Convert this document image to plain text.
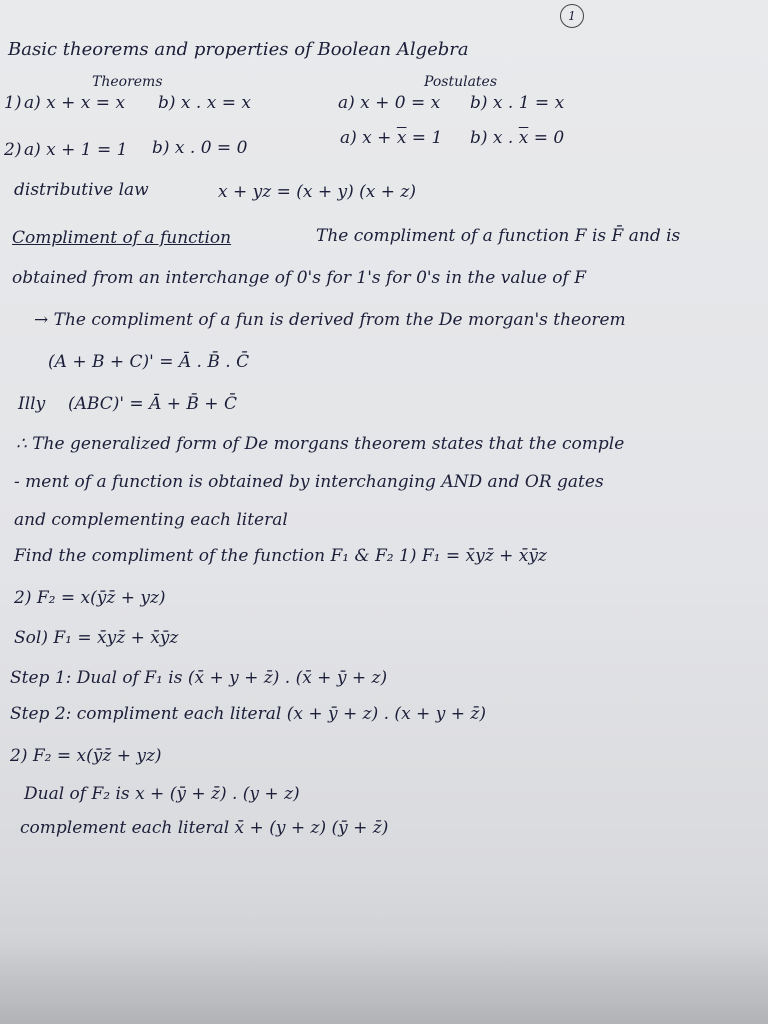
1
Basic theorems and properties of Boolean Algebra
Theorems	Postulates
1) a) x + x = x b) x . x = x	a) x + 0 = x b) x . 1 = x
2) a) x + 1 = 1 b) x . 0 = 0	a) $x + \overline{x} = 1$ b) x . $\overline{x} = 0$
distributive law	x + yz = (x + y) (x + z)
Compliment of a function	The compliment of a function F is F̄ and is
obtained from an interchange of 0's for 1's for 0's in the value of F
→ The compliment of a fun is derived from the De morgan's theorem
(A + B + C)' = Ā . B̄ . C̄
Illy (ABC)' = Ā + B̄ + C̄
∴ The generalized form of De morgans theorem states that the comple
- ment of a function is obtained by interchanging AND and OR gates
and complementing each literal
Find the compliment of the function F₁ & F₂ 1) F₁ = x̄yz̄ + x̄ȳz
2) F₂ = x(ȳz̄ + yz)
Sol) F₁ = x̄yz̄ + x̄ȳz
Step 1: Dual of F₁ is (x̄ + y + z̄) . (x̄ + ȳ + z)
Step 2: compliment each literal (x + ȳ + z) . (x + y + z̄)
2) F₂ = x(ȳz̄ + yz)
Dual of F₂ is x + (ȳ + z̄) . (y + z)
complement each literal x̄ + (y + z) (ȳ + z̄)
